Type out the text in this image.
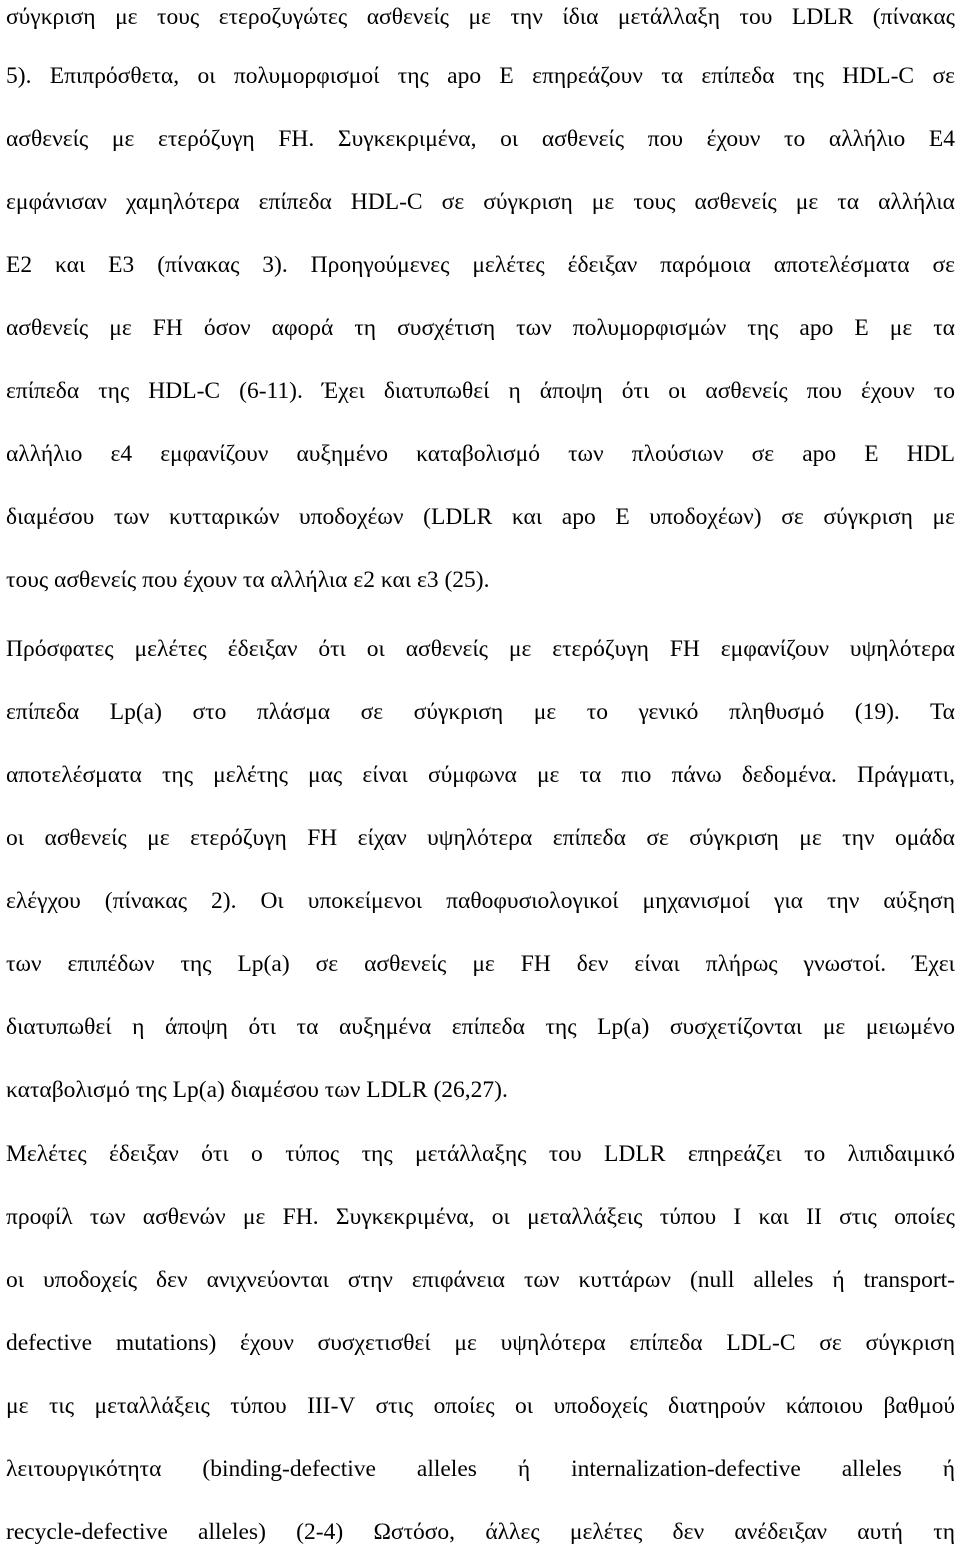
σύγκριση με τους ετεροζυγώτες ασθενείς με την ίδια μετάλλαξη του LDLR (πίνακας
5). Επιπρόσθετα, οι πολυμορφισμοί της apo E επηρεάζουν τα επίπεδα της HDL-C σε
ασθενείς με ετερόζυγη FH. Συγκεκριμένα, οι ασθενείς που έχουν το αλλήλιο E4
εμφάνισαν χαμηλότερα επίπεδα HDL-C σε σύγκριση με τους ασθενείς με τα αλλήλια
E2 και E3 (πίνακας 3). Προηγούμενες μελέτες έδειξαν παρόμοια αποτελέσματα σε
ασθενείς με FH όσον αφορά τη συσχέτιση των πολυμορφισμών της apo E με τα
επίπεδα της HDL-C (6-11). Έχει διατυπωθεί η άποψη ότι οι ασθενείς που έχουν το
αλλήλιο ε4 εμφανίζουν αυξημένο καταβολισμό των πλούσιων σε apo E HDL
διαμέσου των κυτταρικών υποδοχέων (LDLR και apo E υποδοχέων) σε σύγκριση με
τους ασθενείς που έχουν τα αλλήλια ε2 και ε3 (25).
Πρόσφατες μελέτες έδειξαν ότι οι ασθενείς με ετερόζυγη FH εμφανίζουν υψηλότερα
επίπεδα Lp(a) στο πλάσμα σε σύγκριση με το γενικό πληθυσμό (19). Τα
αποτελέσματα της μελέτης μας είναι σύμφωνα με τα πιο πάνω δεδομένα. Πράγματι,
οι ασθενείς με ετερόζυγη FH είχαν υψηλότερα επίπεδα σε σύγκριση με την ομάδα
ελέγχου (πίνακας 2). Οι υποκείμενοι παθοφυσιολογικοί μηχανισμοί για την αύξηση
των επιπέδων της Lp(a) σε ασθενείς με FH δεν είναι πλήρως γνωστοί. Έχει
διατυπωθεί η άποψη ότι τα αυξημένα επίπεδα της Lp(a) συσχετίζονται με μειωμένο
καταβολισμό της Lp(a) διαμέσου των LDLR (26,27).
Μελέτες έδειξαν ότι ο τύπος της μετάλλαξης του LDLR επηρεάζει το λιπιδαιμικό
προφίλ των ασθενών με FH. Συγκεκριμένα, οι μεταλλάξεις τύπου I και II στις οποίες
οι υποδοχείς δεν ανιχνεύονται στην επιφάνεια των κυττάρων (null alleles ή transport-
defective mutations) έχουν συσχετισθεί με υψηλότερα επίπεδα LDL-C σε σύγκριση
με τις μεταλλάξεις τύπου III-V στις οποίες οι υποδοχείς διατηρούν κάποιου βαθμού
λειτουργικότητα (binding-defective alleles ή internalization-defective alleles ή
recycle-defective alleles) (2-4) Ωστόσο, άλλες μελέτες δεν ανέδειξαν αυτή τη
